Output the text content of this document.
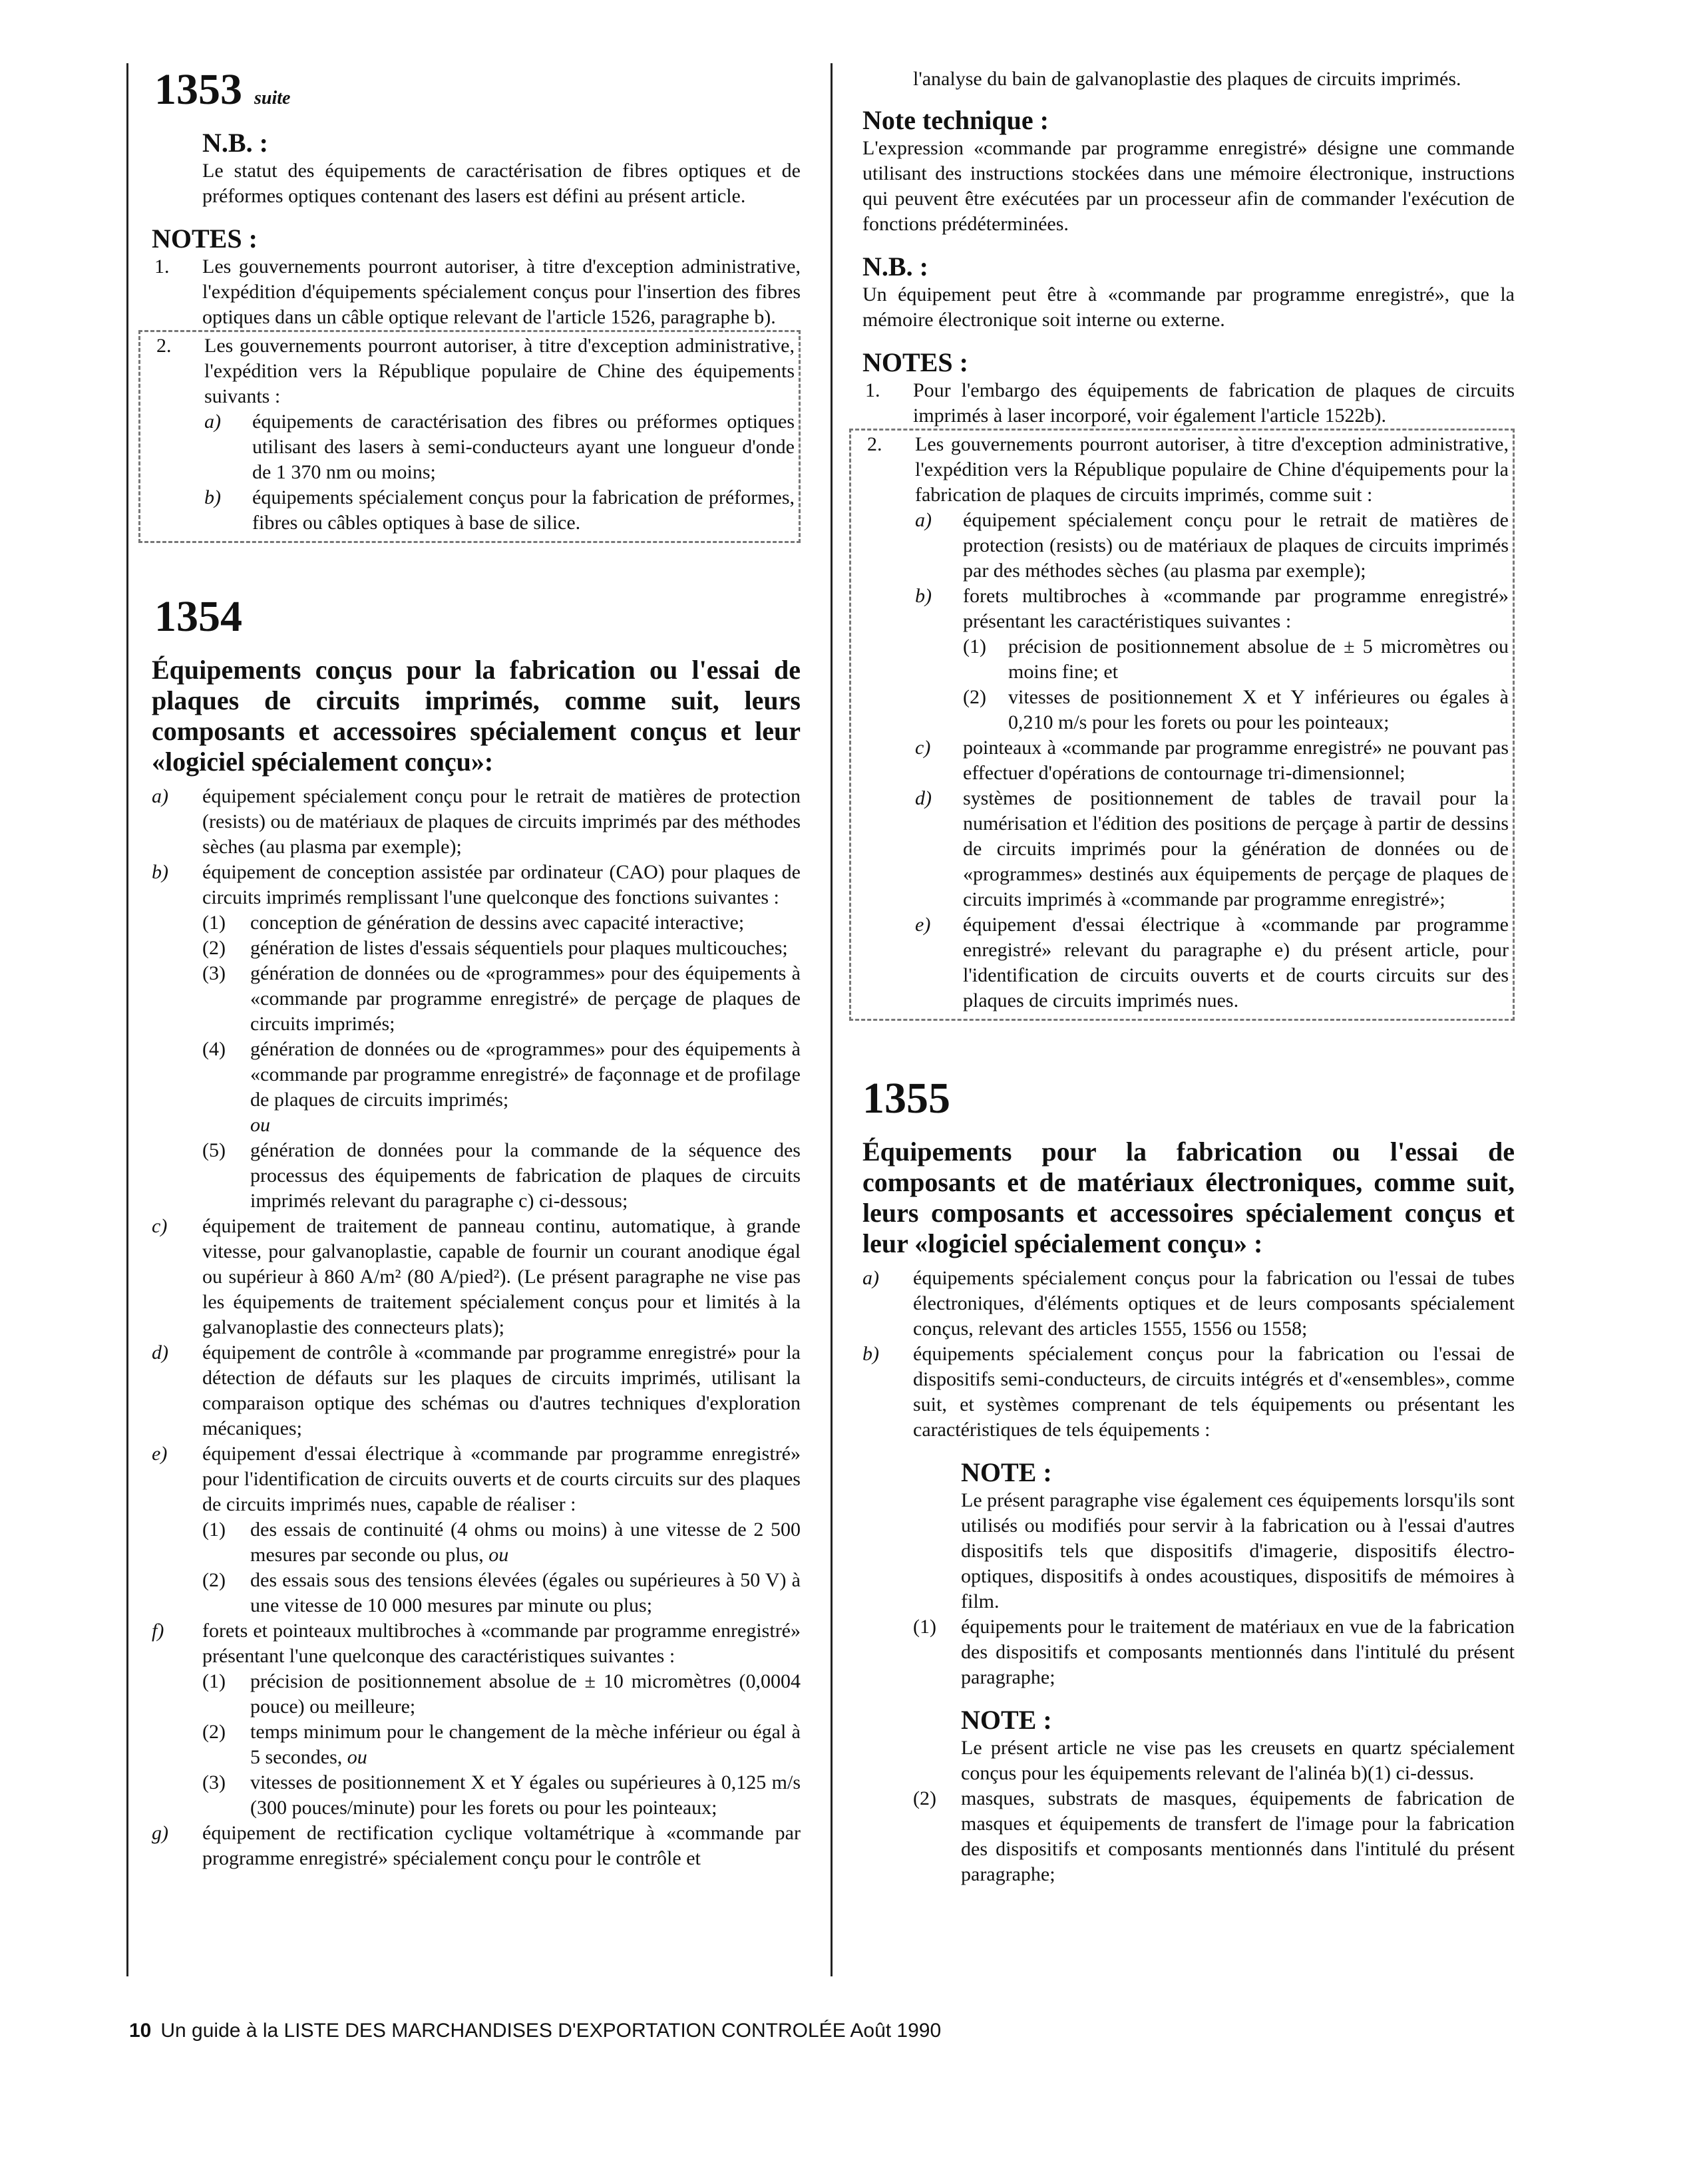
1353 suite
N.B. :
Le statut des équipements de caractérisation de fibres optiques et de préformes optiques contenant des lasers est défini au présent article.
NOTES :
1. Les gouvernements pourront autoriser, à titre d'exception administrative, l'expédition d'équipements spécialement conçus pour l'insertion des fibres optiques dans un câble optique relevant de l'article 1526, paragraphe b).
2. Les gouvernements pourront autoriser, à titre d'exception administrative, l'expédition vers la République populaire de Chine des équipements suivants :
a) équipements de caractérisation des fibres ou préformes optiques utilisant des lasers à semi-conducteurs ayant une longueur d'onde de 1 370 nm ou moins;
b) équipements spécialement conçus pour la fabrication de préformes, fibres ou câbles optiques à base de silice.
1354
Équipements conçus pour la fabrication ou l'essai de plaques de circuits imprimés, comme suit, leurs composants et accessoires spécialement conçus et leur «logiciel spécialement conçu»:
a) équipement spécialement conçu pour le retrait de matières de protection (resists) ou de matériaux de plaques de circuits imprimés par des méthodes sèches (au plasma par exemple);
b) équipement de conception assistée par ordinateur (CAO) pour plaques de circuits imprimés remplissant l'une quelconque des fonctions suivantes :
(1) conception de génération de dessins avec capacité interactive;
(2) génération de listes d'essais séquentiels pour plaques multicouches;
(3) génération de données ou de «programmes» pour des équipements à «commande par programme enregistré» de perçage de plaques de circuits imprimés;
(4) génération de données ou de «programmes» pour des équipements à «commande par programme enregistré» de façonnage et de profilage de plaques de circuits imprimés;
ou
(5) génération de données pour la commande de la séquence des processus des équipements de fabrication de plaques de circuits imprimés relevant du paragraphe c) ci-dessous;
c) équipement de traitement de panneau continu, automatique, à grande vitesse, pour galvanoplastie, capable de fournir un courant anodique égal ou supérieur à 860 A/m² (80 A/pied²). (Le présent paragraphe ne vise pas les équipements de traitement spécialement conçus pour et limités à la galvanoplastie des connecteurs plats);
d) équipement de contrôle à «commande par programme enregistré» pour la détection de défauts sur les plaques de circuits imprimés, utilisant la comparaison optique des schémas ou d'autres techniques d'exploration mécaniques;
e) équipement d'essai électrique à «commande par programme enregistré» pour l'identification de circuits ouverts et de courts circuits sur des plaques de circuits imprimés nues, capable de réaliser :
(1) des essais de continuité (4 ohms ou moins) à une vitesse de 2 500 mesures par seconde ou plus, ou
(2) des essais sous des tensions élevées (égales ou supérieures à 50 V) à une vitesse de 10 000 mesures par minute ou plus;
f) forets et pointeaux multibroches à «commande par programme enregistré» présentant l'une quelconque des caractéristiques suivantes :
(1) précision de positionnement absolue de ± 10 micromètres (0,0004 pouce) ou meilleure;
(2) temps minimum pour le changement de la mèche inférieur ou égal à 5 secondes, ou
(3) vitesses de positionnement X et Y égales ou supérieures à 0,125 m/s (300 pouces/minute) pour les forets ou pour les pointeaux;
g) équipement de rectification cyclique voltamétrique à «commande par programme enregistré» spécialement conçu pour le contrôle et
l'analyse du bain de galvanoplastie des plaques de circuits imprimés.
Note technique :
L'expression «commande par programme enregistré» désigne une commande utilisant des instructions stockées dans une mémoire électronique, instructions qui peuvent être exécutées par un processeur afin de commander l'exécution de fonctions prédéterminées.
N.B. :
Un équipement peut être à «commande par programme enregistré», que la mémoire électronique soit interne ou externe.
NOTES :
1. Pour l'embargo des équipements de fabrication de plaques de circuits imprimés à laser incorporé, voir également l'article 1522b).
2. Les gouvernements pourront autoriser, à titre d'exception administrative, l'expédition vers la République populaire de Chine d'équipements pour la fabrication de plaques de circuits imprimés, comme suit :
a) équipement spécialement conçu pour le retrait de matières de protection (resists) ou de matériaux de plaques de circuits imprimés par des méthodes sèches (au plasma par exemple);
b) forets multibroches à «commande par programme enregistré» présentant les caractéristiques suivantes :
(1) précision de positionnement absolue de ± 5 micromètres ou moins fine; et
(2) vitesses de positionnement X et Y inférieures ou égales à 0,210 m/s pour les forets ou pour les pointeaux;
c) pointeaux à «commande par programme enregistré» ne pouvant pas effectuer d'opérations de contournage tri-dimensionnel;
d) systèmes de positionnement de tables de travail pour la numérisation et l'édition des positions de perçage à partir de dessins de circuits imprimés pour la génération de données ou de «programmes» destinés aux équipements de perçage de plaques de circuits imprimés à «commande par programme enregistré»;
e) équipement d'essai électrique à «commande par programme enregistré» relevant du paragraphe e) du présent article, pour l'identification de circuits ouverts et de courts circuits sur des plaques de circuits imprimés nues.
1355
Équipements pour la fabrication ou l'essai de composants et de matériaux électroniques, comme suit, leurs composants et accessoires spécialement conçus et leur «logiciel spécialement conçu» :
a) équipements spécialement conçus pour la fabrication ou l'essai de tubes électroniques, d'éléments optiques et de leurs composants spécialement conçus, relevant des articles 1555, 1556 ou 1558;
b) équipements spécialement conçus pour la fabrication ou l'essai de dispositifs semi-conducteurs, de circuits intégrés et d'«ensembles», comme suit, et systèmes comprenant de tels équipements ou présentant les caractéristiques de tels équipements :
NOTE :
Le présent paragraphe vise également ces équipements lorsqu'ils sont utilisés ou modifiés pour servir à la fabrication ou à l'essai d'autres dispositifs tels que dispositifs d'imagerie, dispositifs électro-optiques, dispositifs à ondes acoustiques, dispositifs de mémoires à film.
(1) équipements pour le traitement de matériaux en vue de la fabrication des dispositifs et composants mentionnés dans l'intitulé du présent paragraphe;
NOTE :
Le présent article ne vise pas les creusets en quartz spécialement conçus pour les équipements relevant de l'alinéa b)(1) ci-dessus.
(2) masques, substrats de masques, équipements de fabrication de masques et équipements de transfert de l'image pour la fabrication des dispositifs et composants mentionnés dans l'intitulé du présent paragraphe;
10 Un guide à la LISTE DES MARCHANDISES D'EXPORTATION CONTROLÉE Août 1990
